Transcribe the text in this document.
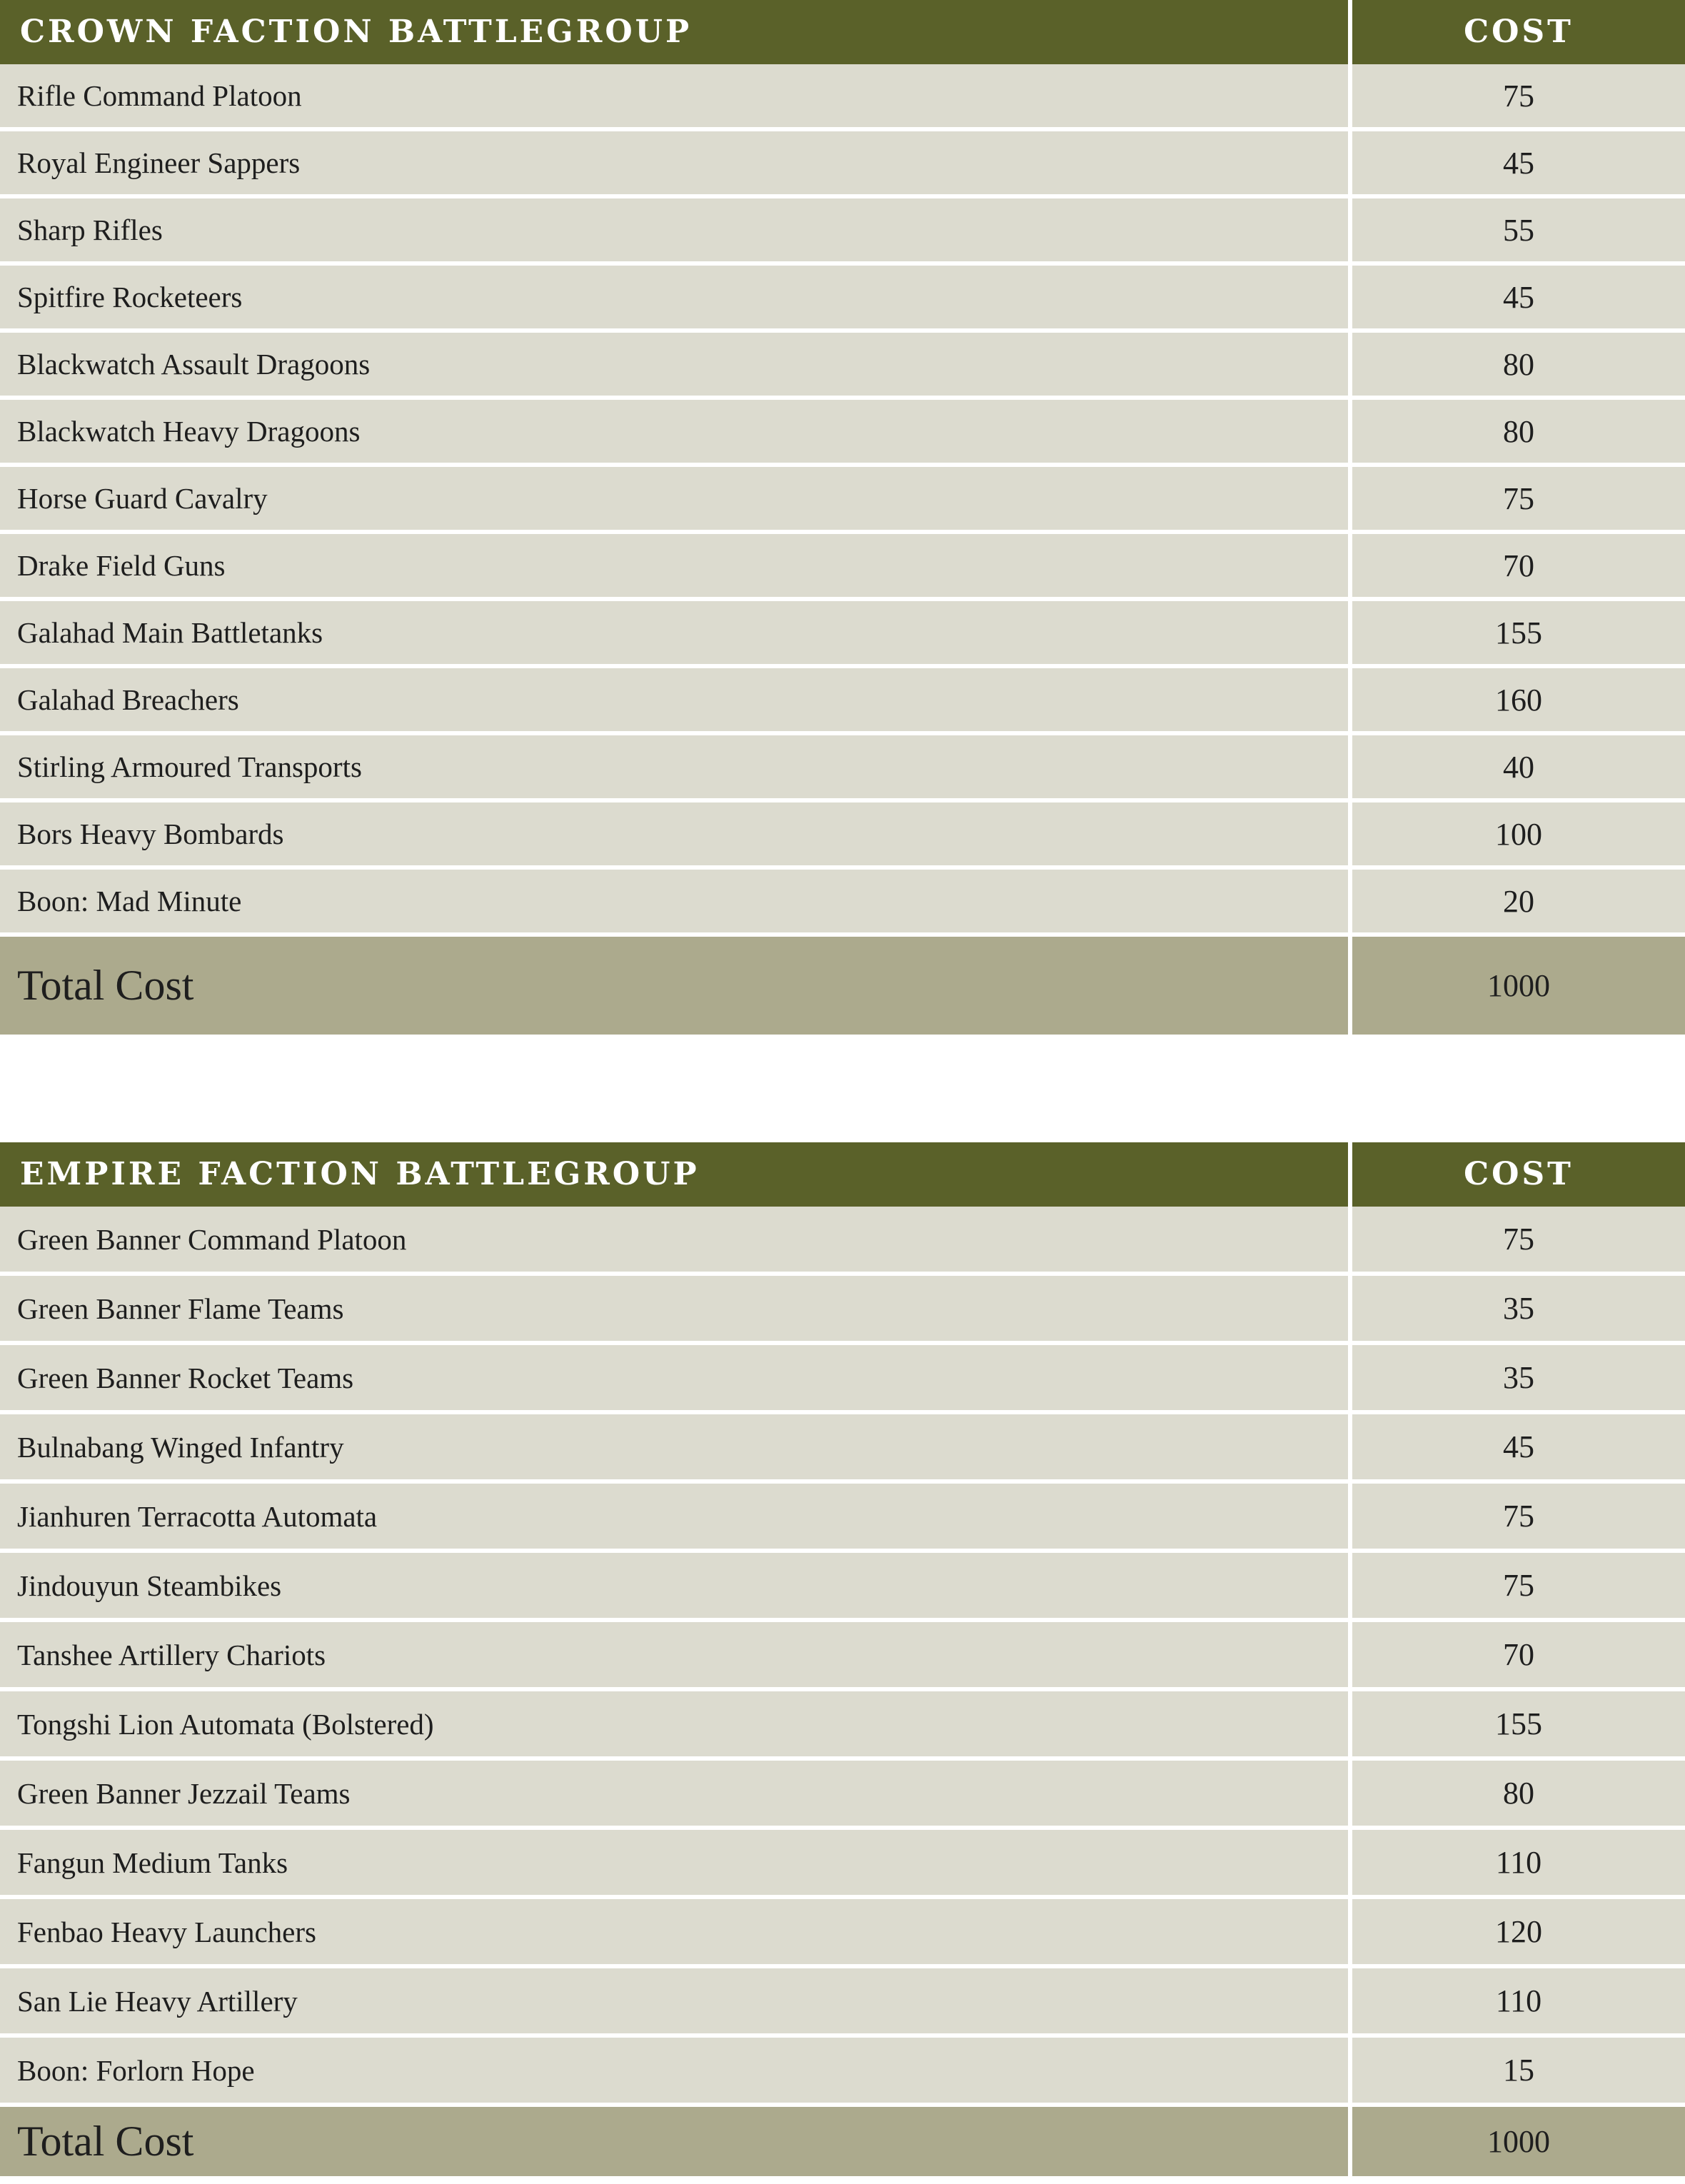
CROWN FACTION BATTLEGROUP	COST
Rifle Command Platoon	75
Royal Engineer Sappers	45
Sharp Rifles	55
Spitfire Rocketeers	45
Blackwatch Assault Dragoons	80
Blackwatch Heavy Dragoons	80
Horse Guard Cavalry	75
Drake Field Guns	70
Galahad Main Battletanks	155
Galahad Breachers	160
Stirling Armoured Transports	40
Bors Heavy Bombards	100
Boon: Mad Minute	20
Total Cost	1000
EMPIRE FACTION BATTLEGROUP	COST
Green Banner Command Platoon	75
Green Banner Flame Teams	35
Green Banner Rocket Teams	35
Bulnabang Winged Infantry	45
Jianhuren Terracotta Automata	75
Jindouyun Steambikes	75
Tanshee Artillery Chariots	70
Tongshi Lion Automata (Bolstered)	155
Green Banner Jezzail Teams	80
Fangun Medium Tanks	110
Fenbao Heavy Launchers	120
San Lie Heavy Artillery	110
Boon: Forlorn Hope	15
Total Cost	1000
